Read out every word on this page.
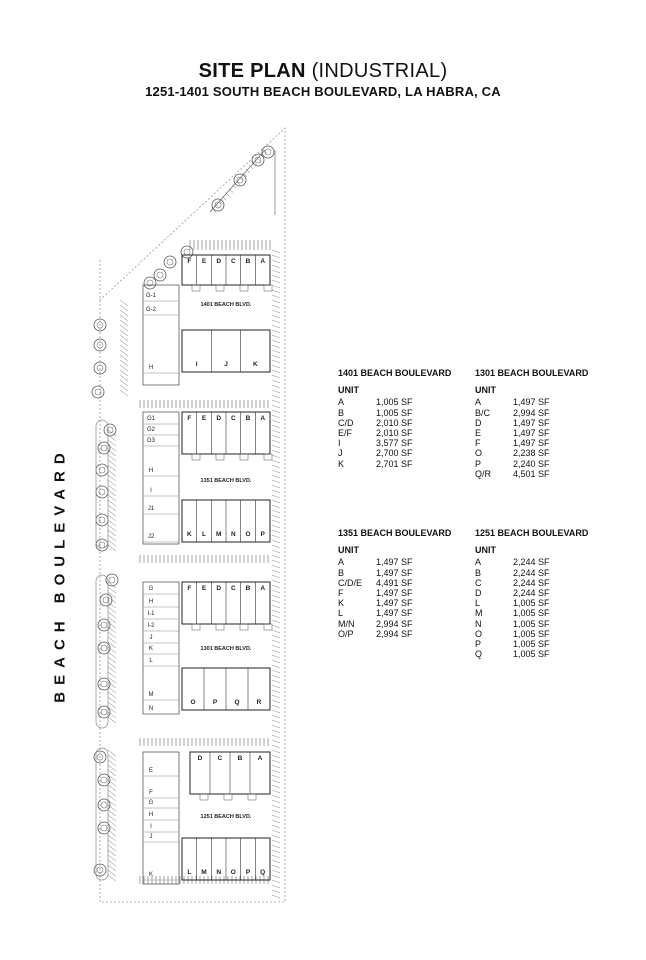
SITE PLAN (INDUSTRIAL)
1251-1401 SOUTH BEACH BOULEVARD, LA HABRA, CA
BEACH BOULEVARD
G-1
G-2
H
F E D C B A
1401 BEACH BLVD.
I	J	K
G1
G2
G3
H
I
J1
J2
F E D C B A
1351 BEACH BLVD.
K L M N O P
G
H
I-1
I-2
J
K
L
M
N
F E D C B A
1301 BEACH BLVD.
O	P	Q	R
E
F
G
H
I
J
K
D C B A
1251 BEACH BLVD.
L M N O P Q
1401 BEACH BOULEVARD
UNIT
A	1,005 SF
B	1,005 SF
C/D	2,010 SF
E/F	2,010 SF
I	3,577 SF
J	2,700 SF
K	2,701 SF
1301 BEACH BOULEVARD
UNIT
A	1,497 SF
B/C	2,994 SF
D	1,497 SF
E	1,497 SF
F	1,497 SF
O	2,238 SF
P	2,240 SF
Q/R	4,501 SF
1351 BEACH BOULEVARD
UNIT
A	1,497 SF
B	1,497 SF
C/D/E	4,491 SF
F	1,497 SF
K	1,497 SF
L	1,497 SF
M/N	2,994 SF
O/P	2,994 SF
1251 BEACH BOULEVARD
UNIT
A	2,244 SF
B	2,244 SF
C	2,244 SF
D	2,244 SF
L	1,005 SF
M	1,005 SF
N	1,005 SF
O	1,005 SF
P	1,005 SF
Q	1,005 SF
